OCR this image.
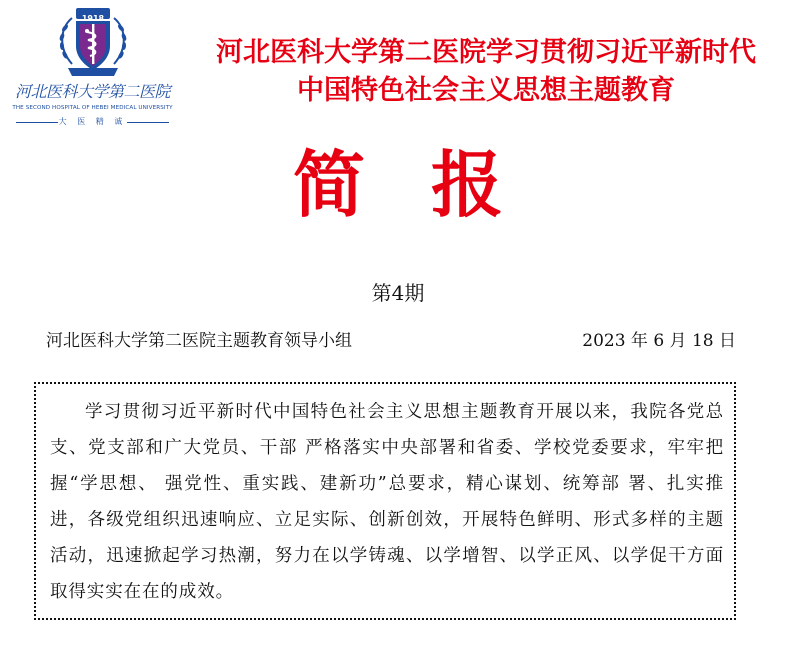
1918
河北医科大学第二医院
THE SECOND HOSPITAL OF HEBEI MEDICAL UNIVERSITY
大 医 精 诚
河北医科大学第二医院学习贯彻习近平新时代
中国特色社会主义思想主题教育
简报
第4期
河北医科大学第二医院主题教育领导小组	2023 年 6 月 18 日

学习贯彻习近平新时代中国特色社会主义思想主题教育开展以来，我院各党总支、党支部和广大党员、干部 严格落实中央部署和省委、学校党委要求，牢牢把握“学思想、 强党性、重实践、建新功”总要求，精心谋划、统筹部 署、扎实推进，各级党组织迅速响应、立足实际、创新创效，开展特色鲜明、形式多样的主题活动，迅速掀起学习热潮，努力在以学铸魂、以学增智、以学正风、以学促干方面取得实实在在的成效。
